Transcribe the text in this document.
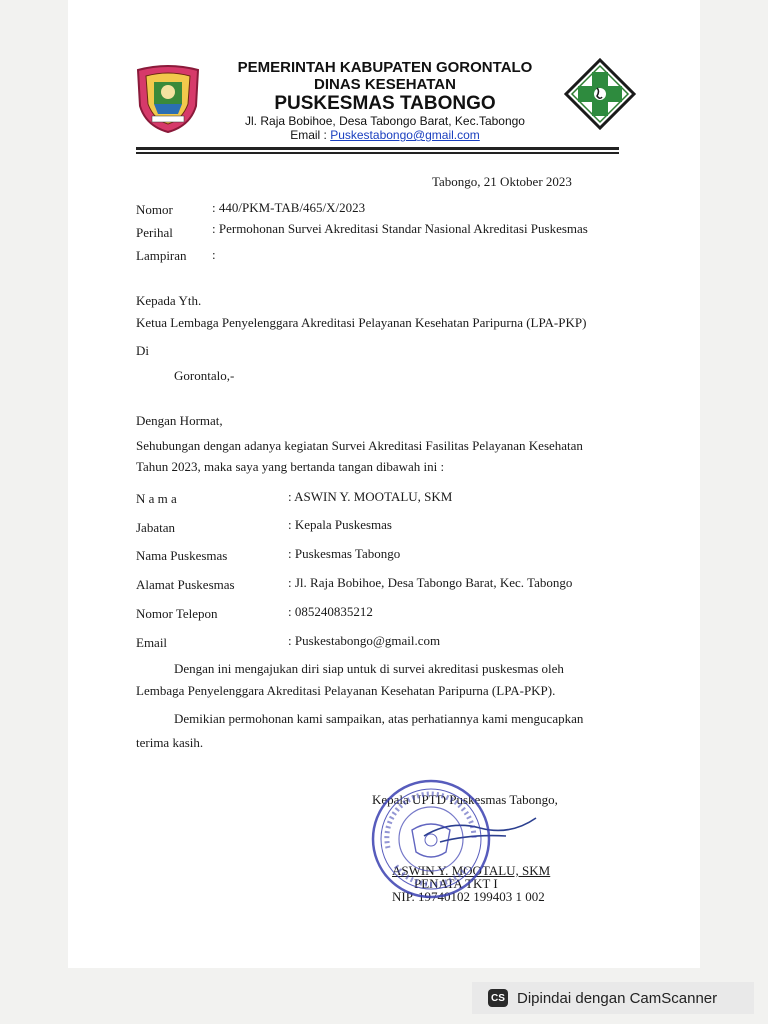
PEMERINTAH KABUPATEN GORONTALO
DINAS KESEHATAN
PUSKESMAS TABONGO
Jl. Raja Bobihoe, Desa Tabongo Barat, Kec.Tabongo
Email : Puskestabongo@gmail.com
Tabongo, 21 Oktober 2023
Nomor	: 440/PKM-TAB/465/X/2023
Perihal	: Permohonan Survei Akreditasi Standar Nasional Akreditasi Puskesmas
Lampiran :
Kepada Yth.
Ketua Lembaga Penyelenggara Akreditasi Pelayanan Kesehatan Paripurna (LPA-PKP)
Di
Gorontalo,-
Dengan Hormat,
Sehubungan dengan adanya kegiatan Survei Akreditasi Fasilitas Pelayanan Kesehatan
Tahun 2023, maka saya yang bertanda tangan dibawah ini :
N a m a	: ASWIN Y. MOOTALU, SKM
Jabatan	: Kepala Puskesmas
Nama Puskesmas	: Puskesmas Tabongo
Alamat Puskesmas	: Jl. Raja Bobihoe, Desa Tabongo Barat, Kec. Tabongo
Nomor Telepon	: 085240835212
Email	: Puskestabongo@gmail.com
Dengan ini mengajukan diri siap untuk di survei akreditasi puskesmas oleh
Lembaga Penyelenggara Akreditasi Pelayanan Kesehatan Paripurna (LPA-PKP).
Demikian permohonan kami sampaikan, atas perhatiannya kami mengucapkan
terima kasih.
Kepala UPTD Puskesmas Tabongo,
ASWIN Y. MOOTALU, SKM
PENATA TKT I
NIP. 19740102 199403 1 002
CS Dipindai dengan CamScanner
